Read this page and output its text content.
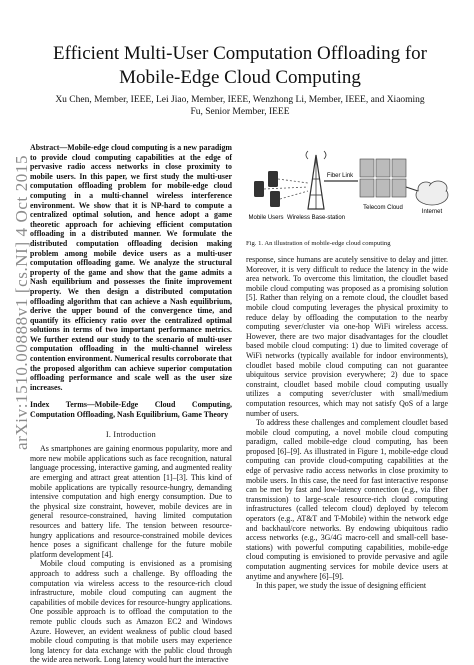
arXiv:1510.00888v1 [cs.NI] 4 Oct 2015
Efficient Multi-User Computation Offloading for Mobile-Edge Cloud Computing
Xu Chen, Member, IEEE, Lei Jiao, Member, IEEE, Wenzhong Li, Member, IEEE, and Xiaoming Fu, Senior Member, IEEE
Abstract—Mobile-edge cloud computing is a new paradigm to provide cloud computing capabilities at the edge of pervasive radio access networks in close proximity to mobile users. In this paper, we first study the multi-user computation offloading problem for mobile-edge cloud computing in a multi-channel wireless interference environment. We show that it is NP-hard to compute a centralized optimal solution, and hence adopt a game theoretic approach for achieving efficient computation offloading in a distributed manner. We formulate the distributed computation offloading decision making problem among mobile device users as a multi-user computation offloading game. We analyze the structural property of the game and show that the game admits a Nash equilibrium and possesses the finite improvement property. We then design a distributed computation offloading algorithm that can achieve a Nash equilibrium, derive the upper bound of the convergence time, and quantify its efficiency ratio over the centralized optimal solutions in terms of two important performance metrics. We further extend our study to the scenario of multi-user computation offloading in the multi-channel wireless contention environment. Numerical results corroborate that the proposed algorithm can achieve superior computation offloading performance and scale well as the user size increases.
Index Terms—Mobile-Edge Cloud Computing, Computation Offloading, Nash Equilibrium, Game Theory
I. Introduction

As smartphones are gaining enormous popularity, more and more new mobile applications such as face recognition, natural language processing, interactive gaming, and augmented reality are emerging and attract great attention [1]–[3]. This kind of mobile applications are typically resource-hungry, demanding intensive computation and high energy consumption. Due to the physical size constraint, however, mobile devices are in general resource-constrained, having limited computation resources and battery life. The tension between resource-hungry applications and resource-constrained mobile devices hence poses a significant challenge for the future mobile platform development [4].

Mobile cloud computing is envisioned as a promising approach to address such a challenge. By offloading the computation via wireless access to the resource-rich cloud infrastructure, mobile cloud computing can augment the capabilities of mobile devices for resource-hungry applications. One possible approach is to offload the computation to the remote public clouds such as Amazon EC2 and Windows Azure. However, an evident weakness of public cloud based mobile cloud computing is that mobile users may experience long latency for data exchange with the public cloud through the wide area network. Long latency would hurt the interactive

Fiber Link
Mobile Users Wireless Base-station
Telecom Cloud
Internet
Fig. 1. An illustration of mobile-edge cloud computing

response, since humans are acutely sensitive to delay and jitter. Moreover, it is very difficult to reduce the latency in the wide area network. To overcome this limitation, the cloudlet based mobile cloud computing was proposed as a promising solution [5]. Rather than relying on a remote cloud, the cloudlet based mobile cloud computing leverages the physical proximity to reduce delay by offloading the computation to the nearby computing sever/cluster via one-hop WiFi wireless access. However, there are two major disadvantages for the cloudlet based mobile cloud computing: 1) due to limited coverage of WiFi networks (typically available for indoor environments), cloudlet based mobile cloud computing can not guarantee ubiquitous service provision everywhere; 2) due to space constraint, cloudlet based mobile cloud computing usually utilizes a computing sever/cluster with small/medium computation resources, which may not satisfy QoS of a large number of users.

To address these challenges and complement cloudlet based mobile cloud computing, a novel mobile cloud computing paradigm, called mobile-edge cloud computing, has been proposed [6]–[9]. As illustrated in Figure 1, mobile-edge cloud computing can provide cloud-computing capabilities at the edge of pervasive radio access networks in close proximity to mobile users. In this case, the need for fast interactive response can be met by fast and low-latency connection (e.g., via fiber transmission) to large-scale resource-rich cloud computing infrastructures (called telecom cloud) deployed by telecom operators (e.g., AT&T and T-Mobile) within the network edge and backhaul/core networks. By endowing ubiquitous radio access networks (e.g., 3G/4G macro-cell and small-cell base-stations) with powerful computing capabilities, mobile-edge cloud computing is envisioned to provide pervasive and agile computation augmenting services for mobile device users at anytime and anywhere [6]–[9].

In this paper, we study the issue of designing efficient
